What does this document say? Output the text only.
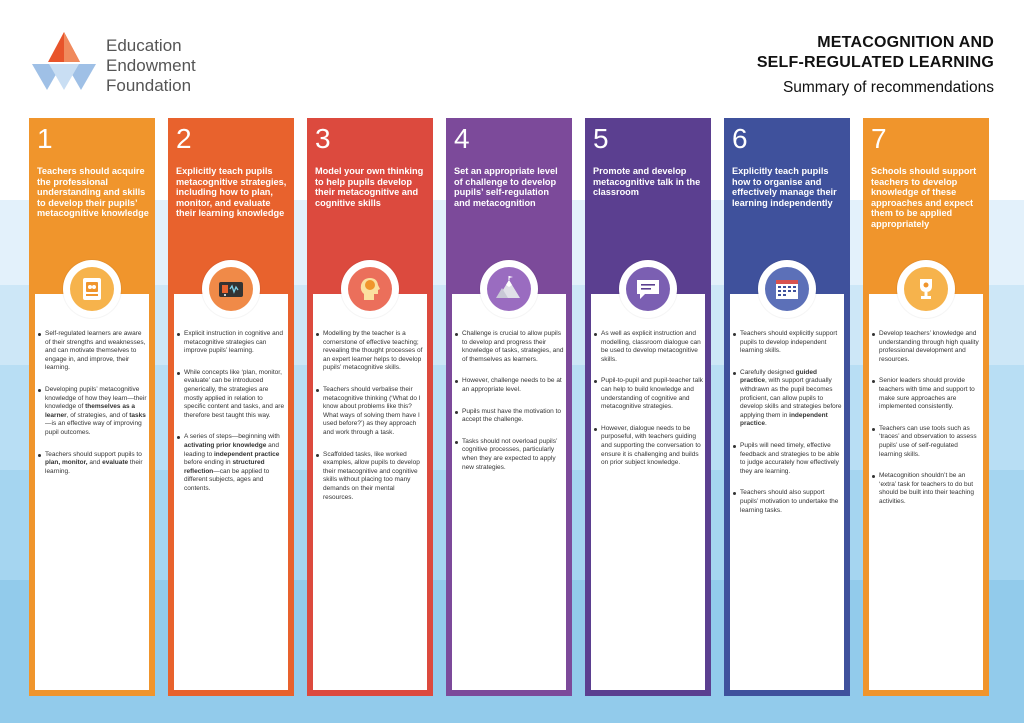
Education
Endowment
Foundation
METACOGNITION AND
SELF-REGULATED LEARNING
Summary of recommendations
1
Teachers should acquire the professional understanding and skills to develop their pupils’ metacognitive knowledge
Self-regulated learners are aware of their strengths and weaknesses, and can motivate themselves to engage in, and improve, their learning.
Developing pupils’ metacognitive knowledge of how they learn—their knowledge of themselves as a learner, of strategies, and of tasks—is an effective way of improving pupil outcomes.
Teachers should support pupils to plan, monitor, and evaluate their learning.
2
Explicitly teach pupils metacognitive strategies, including how to plan, monitor, and evaluate their learning knowledge
Explicit instruction in cognitive and metacognitive strategies can improve pupils’ learning.
While concepts like ‘plan, monitor, evaluate’ can be introduced generically, the strategies are mostly applied in relation to specific content and tasks, and are therefore best taught this way.
A series of steps—beginning with activating prior knowledge and leading to independent practice before ending in structured reflection—can be applied to different subjects, ages and contents.
3
Model your own thinking to help pupils develop their metacognitive and cognitive skills
Modelling by the teacher is a cornerstone of effective teaching; revealing the thought processes of an expert learner helps to develop pupils’ metacognitive skills.
Teachers should verbalise their metacognitive thinking (‘What do I know about problems like this? What ways of solving them have I used before?’) as they approach and work through a task.
Scaffolded tasks, like worked examples, allow pupils to develop their metacognitive and cognitive skills without placing too many demands on their mental resources.
4
Set an appropriate level of challenge to develop pupils’ self-regulation and metacognition
Challenge is crucial to allow pupils to develop and progress their knowledge of tasks, strategies, and of themselves as learners.
However, challenge needs to be at an appropriate level.
Pupils must have the motivation to accept the challenge.
Tasks should not overload pupils’ cognitive processes, particularly when they are expected to apply new strategies.
5
Promote and develop metacognitive talk in the classroom
As well as explicit instruction and modelling, classroom dialogue can be used to develop metacognitive skills.
Pupil-to-pupil and pupil-teacher talk can help to build knowledge and understanding of cognitive and metacognitive strategies.
However, dialogue needs to be purposeful, with teachers guiding and supporting the conversation to ensure it is challenging and builds on prior subject knowledge.
6
Explicitly teach pupils how to organise and effectively manage their learning independently
Teachers should explicitly support pupils to develop independent learning skills.
Carefully designed guided practice, with support gradually withdrawn as the pupil becomes proficient, can allow pupils to develop skills and strategies before applying them in independent practice.
Pupils will need timely, effective feedback and strategies to be able to judge accurately how effectively they are learning.
Teachers should also support pupils’ motivation to undertake the learning tasks.
7
Schools should support teachers to develop knowledge of these approaches and expect them to be applied appropriately
Develop teachers’ knowledge and understanding through high quality professional development and resources.
Senior leaders should provide teachers with time and support to make sure approaches are implemented consistently.
Teachers can use tools such as ‘traces’ and observation to assess pupils’ use of self-regulated learning skills.
Metacognition shouldn’t be an ‘extra’ task for teachers to do but should be built into their teaching activities.
